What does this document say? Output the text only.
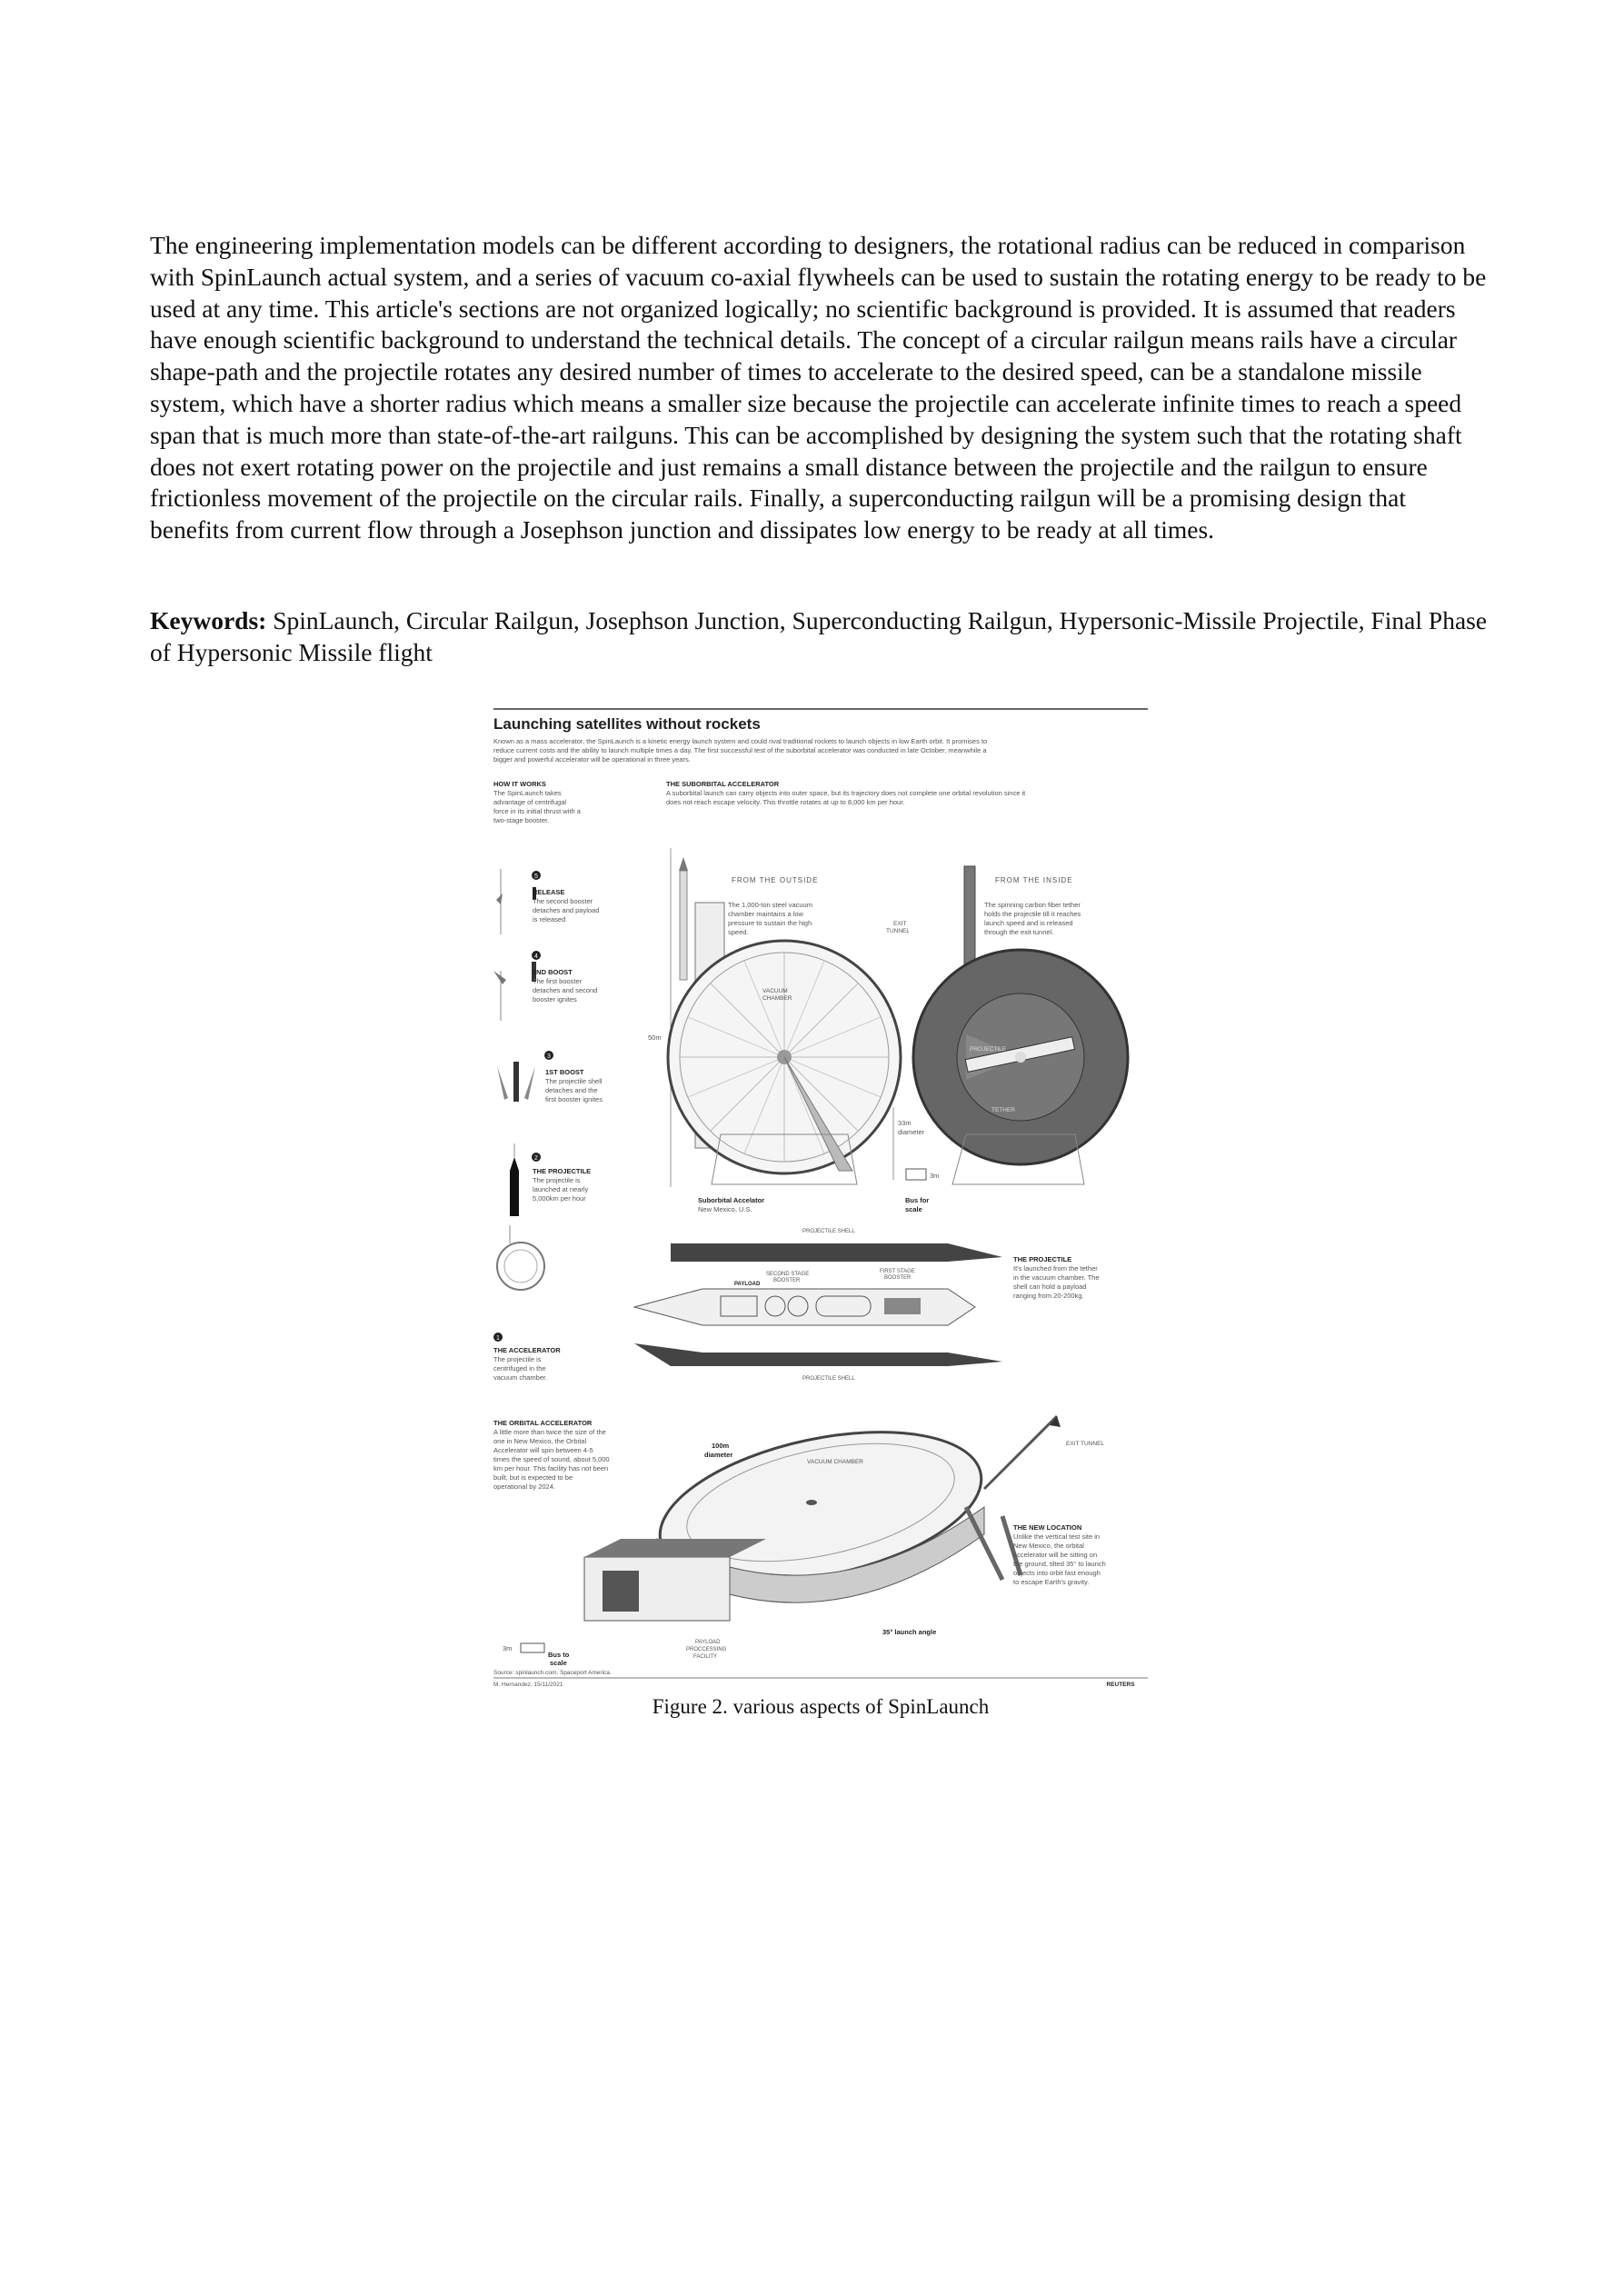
The engineering implementation models can be different according to designers, the rotational radius can be reduced in comparison with SpinLaunch actual system, and a series of vacuum co-axial flywheels can be used to sustain the rotating energy to be ready to be used at any time. This article's sections are not organized logically; no scientific background is provided. It is assumed that readers have enough scientific background to understand the technical details. The concept of a circular railgun means rails have a circular shape-path and the projectile rotates any desired number of times to accelerate to the desired speed, can be a standalone missile system, which have a shorter radius which means a smaller size because the projectile can accelerate infinite times to reach a speed span that is much more than state-of-the-art railguns. This can be accomplished by designing the system such that the rotating shaft does not exert rotating power on the projectile and just remains a small distance between the projectile and the railgun to ensure frictionless movement of the projectile on the circular rails. Finally, a superconducting railgun will be a promising design that benefits from current flow through a Josephson junction and dissipates low energy to be ready at all times.
Keywords: SpinLaunch, Circular Railgun, Josephson Junction, Superconducting Railgun, Hypersonic-Missile Projectile, Final Phase of Hypersonic Missile flight
Launching satellites without rockets
Known as a mass accelerator, the SpinLaunch is a kinetic energy launch system and could rival traditional rockets to launch objects in low Earth orbit. It promises to
reduce current costs and the ability to launch multiple times a day. The first successful test of the suborbital accelerator was conducted in late October, meanwhile a
bigger and powerful accelerator will be operational in three years.
HOW IT WORKS
The SpinLaunch takes
advantage of centrifugal
force in its initial thrust with a
two-stage booster.
THE SUBORBITAL ACCELERATOR
A suborbital launch can carry objects into outer space, but its trajectory does not complete one orbital revolution since it
does not reach escape velocity. This throttle rotates at up to 8,000 km per hour.
FROM THE OUTSIDE	FROM THE INSIDE
5
RELEASE
The second booster
detaches and payload
is released
4
2ND BOOST
The first booster
detaches and second
booster ignites
3
1ST BOOST
The projectile shell
detaches and the
first booster ignites
2
THE PROJECTILE
The projectile is
launched at nearly
5,000km per hour
1
THE ACCELERATOR
The projectile is
centrifuged in the
vacuum chamber.
50m
VACUUM
CHAMBER
The 1,000-ton steel vacuum
chamber maintains a low
pressure to sustain the high
speed.
EXIT
TUNNEL
33m
diameter
PROJECTILE
TETHER
The spinning carbon fiber tether
holds the projectile till it reaches
launch speed and is released
through the exit tunnel.
3m
Suborbital Accelator
New Mexico, U.S.
Bus for
scale
PROJECTILE SHELL
PROJECTILE SHELL
SECOND STAGE
BOOSTER
FIRST STAGE
BOOSTER
PAYLOAD
THE PROJECTILE
It's launched from the tether
in the vacuum chamber. The
shell can hold a payload
ranging from 20-200kg.
THE ORBITAL ACCELERATOR
A little more than twice the size of the
one in New Mexico, the Orbital
Accelerator will spin between 4-5
times the speed of sound, about 5,000
km per hour. This facility has not been
built, but is expected to be
operational by 2024.
VACUUM CHAMBER
100m
diameter
EXIT TUNNEL
35° launch angle
3m
Bus to
scale
PAYLOAD
PROCCESSING
FACILITY
THE NEW LOCATION
Unlike the vertical test site in
New Mexico, the orbital
accelerator will be sitting on
the ground, tilted 35° to launch
objects into orbit fast enough
to escape Earth's gravity.
Source: spinlaunch.com, Spaceport America.
M. Hernandez, 15/11/2021	REUTERS
Figure 2. various aspects of SpinLaunch
